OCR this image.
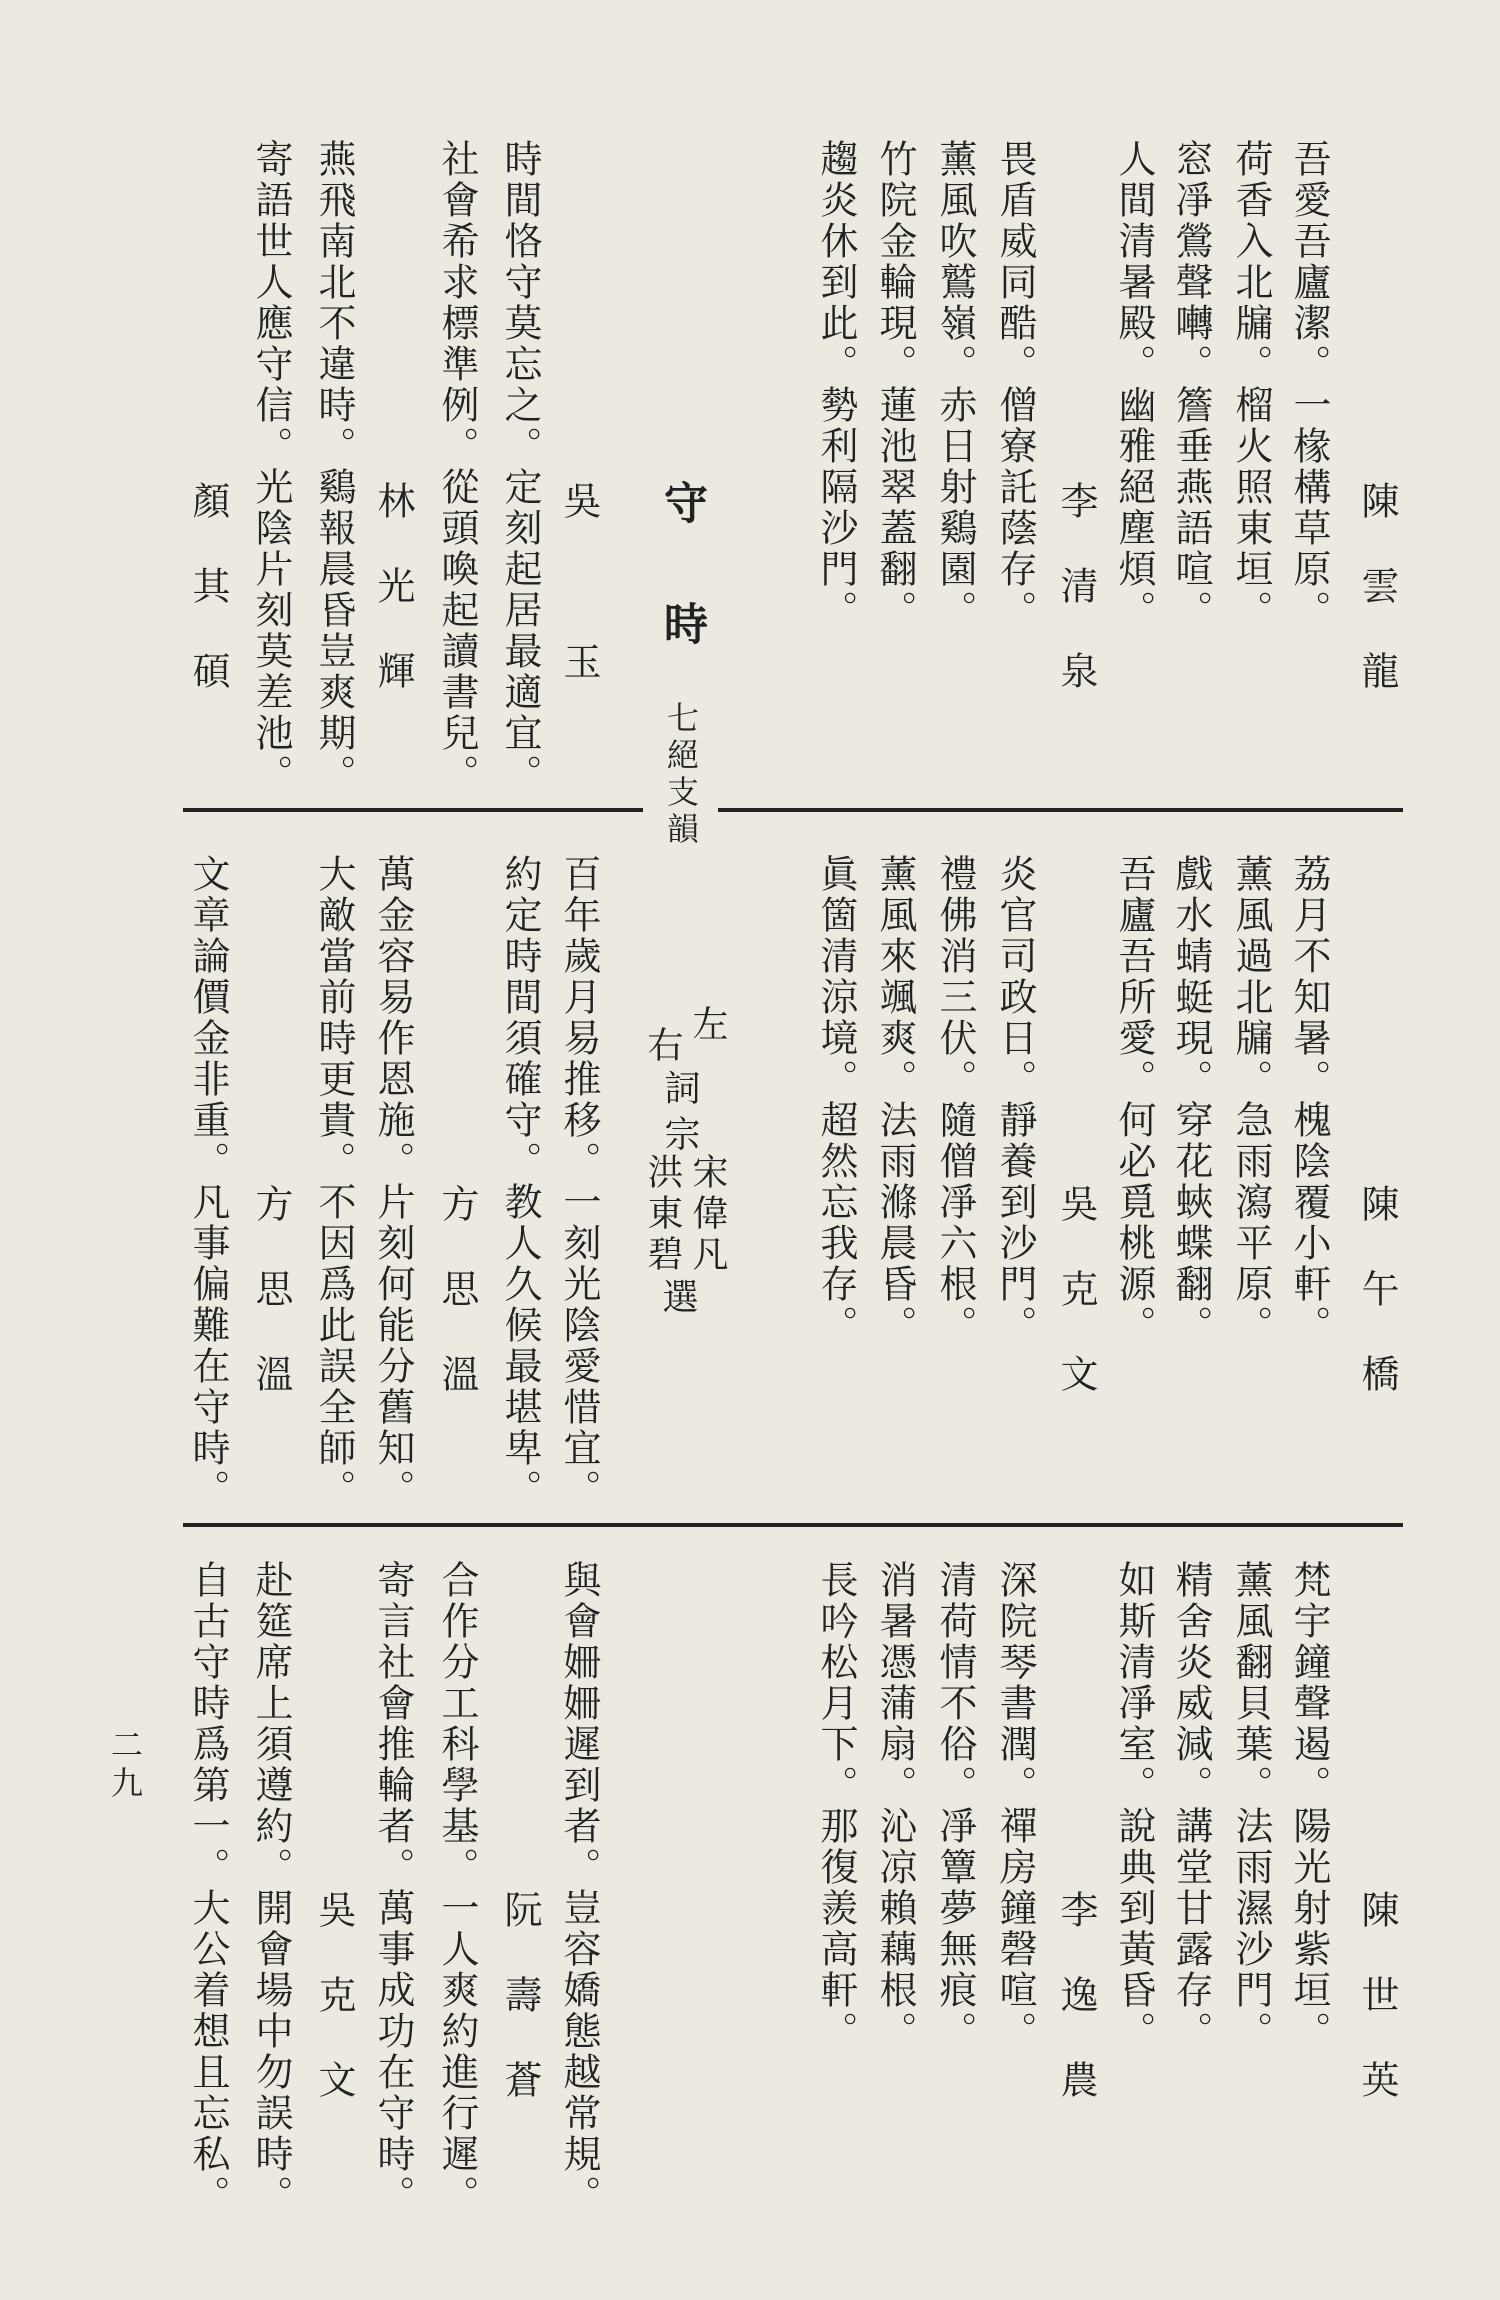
陳雲龍
吾愛吾廬潔。一椽構草原。
荷香入北牖。榴火照東垣。
窓凈鶯聲囀。簷垂燕語喧。
人間清暑殿。幽雅絕塵煩。
李清泉
畏盾威同酷。僧寮託蔭存。
薰風吹鷲嶺。赤日射鷄園。
竹院金輪現。蓮池翠蓋翻。
趨炎休到此。勢利隔沙門。
守時
七絕支韻
吳玉
時間恪守莫忘之。定刻起居最適宜。
社會希求標準例。從頭喚起讀書兒。
林光輝
燕飛南北不違時。鷄報晨昏豈爽期。
寄語世人應守信。光陰片刻莫差池。
顏其碩
陳午橋
荔月不知暑。槐陰覆小軒。
薰風過北牖。急雨瀉平原。
戲水蜻蜓現。穿花蛺蝶翻。
吾廬吾所愛。何必覓桃源。
吳克文
炎官司政日。靜養到沙門。
禮佛消三伏。隨僧凈六根。
薰風來颯爽。法雨滌晨昏。
眞箇清涼境。超然忘我存。
左
右
詞宗
宋偉凡
洪東碧
選
百年歲月易推移。一刻光陰愛惜宜。
約定時間須確守。教人久候最堪卑。
方思溫
萬金容易作恩施。片刻何能分舊知。
大敵當前時更貴。不因爲此誤全師。
方思溫
文章論價金非重。凡事偏難在守時。
陳世英
梵宇鐘聲遏。陽光射紫垣。
薰風翻貝葉。法雨濕沙門。
精舍炎威減。講堂甘露存。
如斯清凈室。說典到黃昏。
李逸農
深院琴書潤。禪房鐘磬喧。
清荷情不俗。凈簟夢無痕。
消暑憑蒲扇。沁凉賴藕根。
長吟松月下。那復羨高軒。
與會姍姍遲到者。豈容嬌態越常規。
阮壽蒼
合作分工科學基。一人爽約進行遲。
寄言社會推輪者。萬事成功在守時。
吳克文
赴筵席上須遵約。開會場中勿誤時。
自古守時爲第一。大公着想且忘私。
二九
